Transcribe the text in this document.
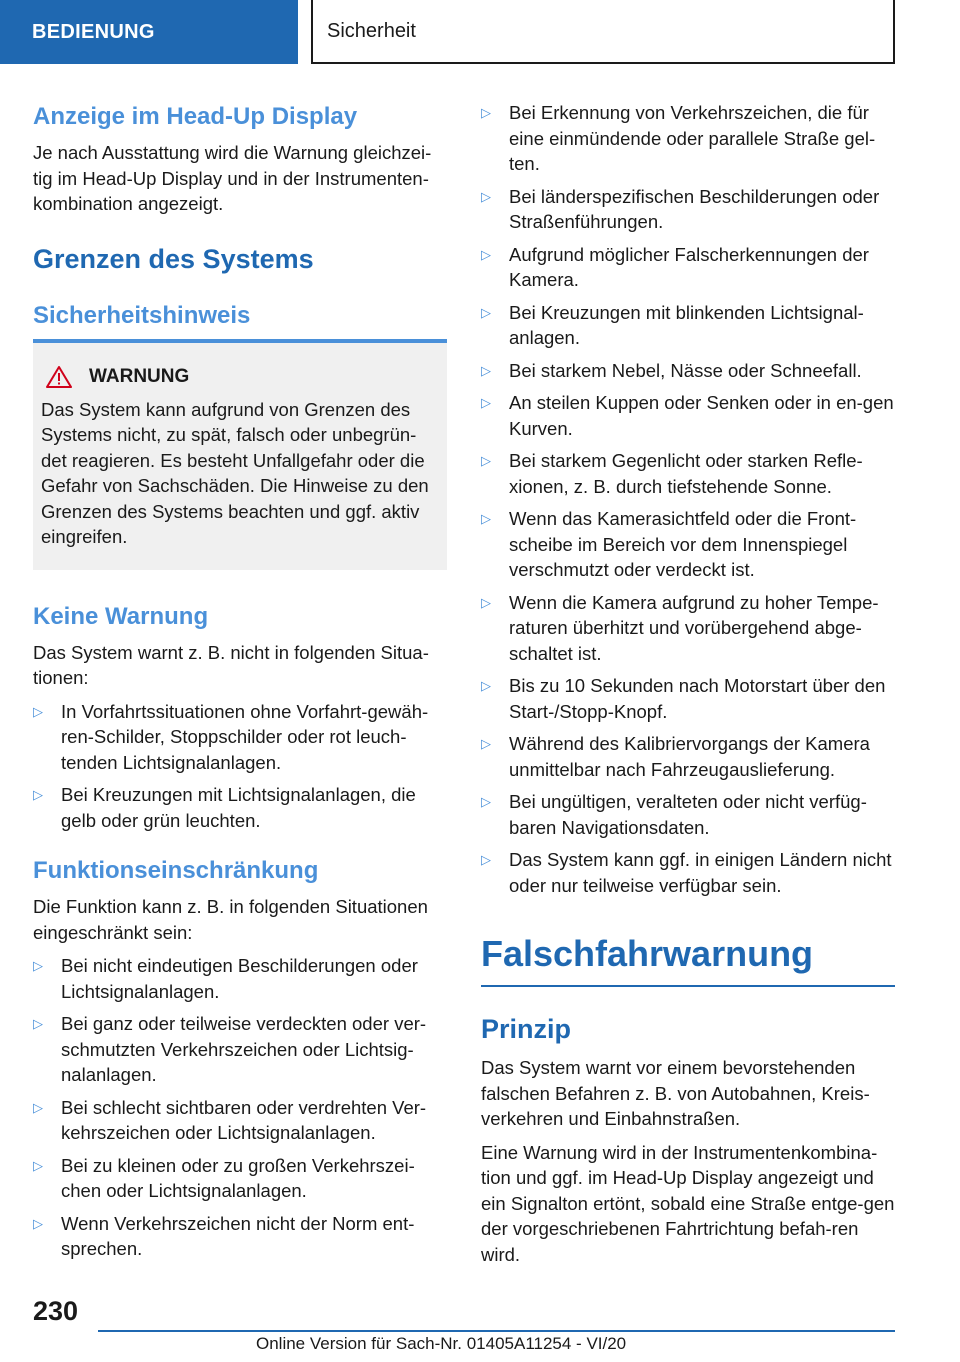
BEDIENUNG	Sicherheit
Anzeige im Head-Up Display

Je nach Ausstattung wird die Warnung gleichzei-tig im Head-Up Display und in der Instrumenten-kombination angezeigt.

Grenzen des Systems
Sicherheitshinweis
WARNUNG

Das System kann aufgrund von Grenzen des Systems nicht, zu spät, falsch oder unbegrün-det reagieren. Es besteht Unfallgefahr oder die Gefahr von Sachschäden. Die Hinweise zu den Grenzen des Systems beachten und ggf. aktiv eingreifen.

Keine Warnung

Das System warnt z. B. nicht in folgenden Situa-tionen:

▷ In Vorfahrtssituationen ohne Vorfahrt-gewäh-ren-Schilder, Stoppschilder oder rot leuch-tenden Lichtsignalanlagen.
▷ Bei Kreuzungen mit Lichtsignalanlagen, die gelb oder grün leuchten.
Funktionseinschränkung

Die Funktion kann z. B. in folgenden Situationen eingeschränkt sein:

▷ Bei nicht eindeutigen Beschilderungen oder Lichtsignalanlagen.
▷ Bei ganz oder teilweise verdeckten oder ver-schmutzten Verkehrszeichen oder Lichtsig-nalanlagen.
▷ Bei schlecht sichtbaren oder verdrehten Ver-kehrszeichen oder Lichtsignalanlagen.
▷ Bei zu kleinen oder zu großen Verkehrszei-chen oder Lichtsignalanlagen.
▷ Wenn Verkehrszeichen nicht der Norm ent-sprechen.
▷ Bei Erkennung von Verkehrszeichen, die für eine einmündende oder parallele Straße gel-ten.
▷ Bei länderspezifischen Beschilderungen oder Straßenführungen.
▷ Aufgrund möglicher Falscherkennungen der Kamera.
▷ Bei Kreuzungen mit blinkenden Lichtsignal-anlagen.
▷ Bei starkem Nebel, Nässe oder Schneefall.
▷ An steilen Kuppen oder Senken oder in en-gen Kurven.
▷ Bei starkem Gegenlicht oder starken Refle-xionen, z. B. durch tiefstehende Sonne.
▷ Wenn das Kamerasichtfeld oder die Front-scheibe im Bereich vor dem Innenspiegel verschmutzt oder verdeckt ist.
▷ Wenn die Kamera aufgrund zu hoher Tempe-raturen überhitzt und vorübergehend abge-schaltet ist.
▷ Bis zu 10 Sekunden nach Motorstart über den Start-/Stopp-Knopf.
▷ Während des Kalibriervorgangs der Kamera unmittelbar nach Fahrzeugauslieferung.
▷ Bei ungültigen, veralteten oder nicht verfüg-baren Navigationsdaten.
▷ Das System kann ggf. in einigen Ländern nicht oder nur teilweise verfügbar sein.
Falschfahrwarnung
Prinzip

Das System warnt vor einem bevorstehenden falschen Befahren z. B. von Autobahnen, Kreis-verkehren und Einbahnstraßen.

Eine Warnung wird in der Instrumentenkombina-tion und ggf. im Head-Up Display angezeigt und ein Signalton ertönt, sobald eine Straße entge-gen der vorgeschriebenen Fahrtrichtung befah-ren wird.

230
Online Version für Sach-Nr. 01405A11254 - VI/20
